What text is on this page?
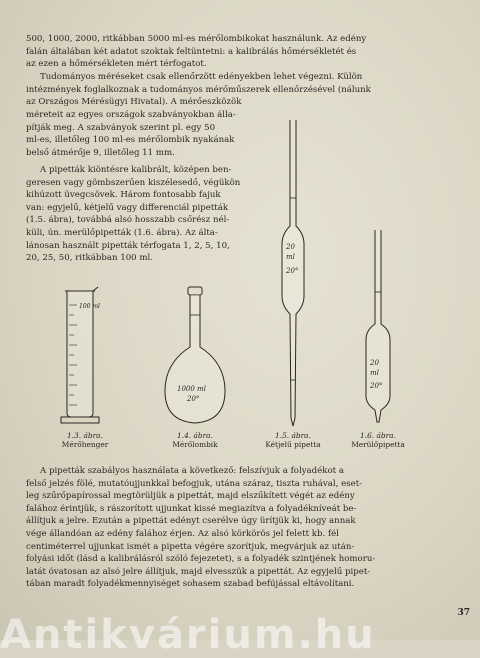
500, 1000, 2000, ritkábban 5000 ml-es mérőlombikokat használunk. Az edény
falán általában két adatot szoktak feltüntetni: a kalibrálás hőmérsékletét és
az ezen a hőmérsékleten mért térfogatot.
Tudományos méréseket csak ellenőrzött edényekben lehet végezni. Külön
intézmények foglalkoznak a tudományos mérőműszerek ellenőrzésével (nálunk
az Országos Mérésügyi Hivatal). A mérőeszközök
méreteit az egyes országok szabványokban álla-
pítják meg. A szabványok szerint pl. egy 50
ml-es, illetőleg 100 ml-es mérőlombik nyakának
belső átmérője 9, illetőleg 11 mm.
A pipetták kiöntésre kalibrált, középen ben-
geresen vagy gömbszerűen kiszélesedő, végükön
kihúzott üvegcsövek. Három fontosabb fajuk
van: egyjelű, kétjelű vagy differenciál pipetták
(1.5. ábra), továbbá alsó hosszabb csőrész nél-
küli, ún. merülőpipetták (1.6. ábra). Az álta-
lánosan használt pipetták térfogata 1, 2, 5, 10,
20, 25, 50, ritkábban 100 ml.
100 ml
1.3. ábra.
Mérőhenger
1000 ml
20°
1.4. ábra.
Mérőlombik
20
ml
20°
1.5. ábra.
Kétjelű pipetta
20
ml
20°
1.6. ábra.
Merülőpipetta
A pipetták szabályos használata a következő: felszívjuk a folyadékot a
felső jelzés fölé, mutatóujjunkkal befogjuk, utána száraz, tiszta ruhával, eset-
leg szűrőpapírossal megtörüljük a pipettát, majd elszűkített végét az edény
falához érintjük, s rászorított ujjunkat kissé megiazítva a folyadékníveát be-
állítjuk a jelre. Ezután a pipettát edényt cserélve úgy ürítjük ki, hogy annak
vége állandóan az edény falához érjen. Az alsó körkörös jel felett kb. fél
centiméterrel ujjunkat ismét a pipetta végére szorítjuk, megvárjuk az után-
folyási időt (lásd a kalibrálásról szóló fejezetet), s a folyadék szintjének homoru-
latát óvatosan az alsó jelre állítjuk, majd elvesszük a pipettát. Az egyjelű pipet-
tában maradt folyadékmennyiséget sohasem szabad befújással eltávolítani.
37
Antikvárium.hu
